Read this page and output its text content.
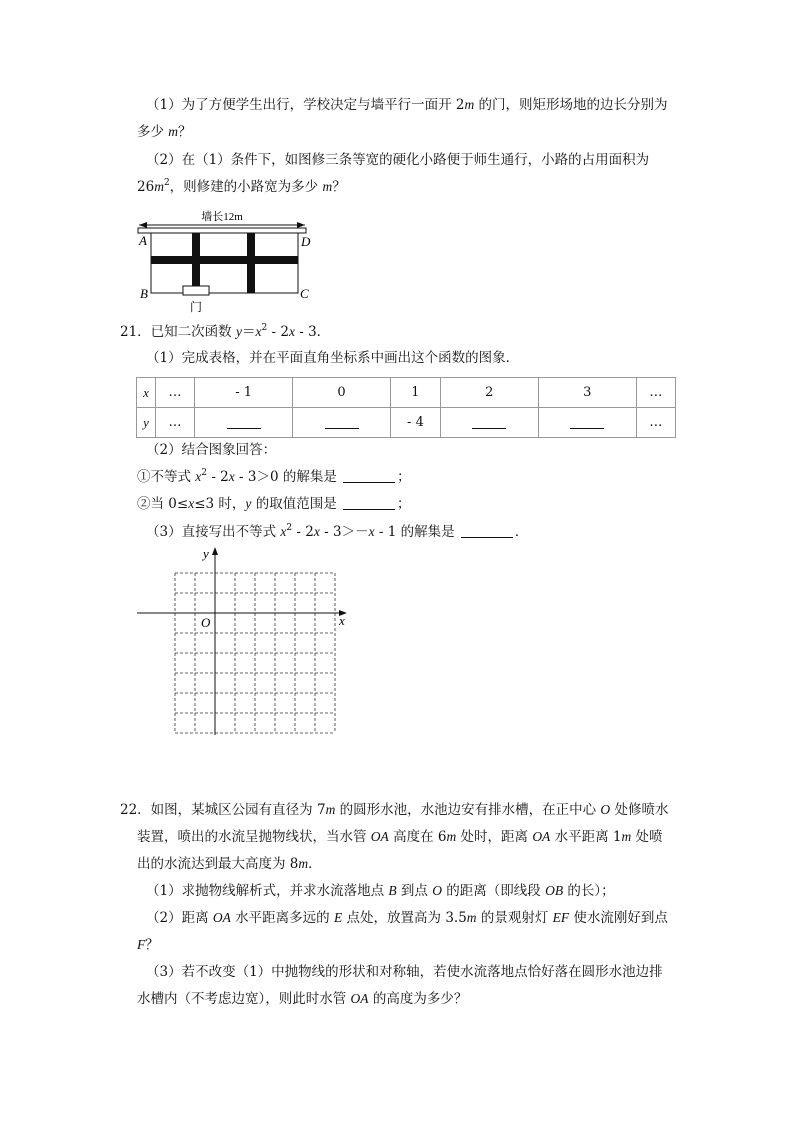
（1）为了方便学生出行，学校决定与墙平行一面开 2m 的门，则矩形场地的边长分别为
多少 m？
（2）在（1）条件下，如图修三条等宽的硬化小路便于师生通行，小路的占用面积为
$26m^2$，则修建的小路宽为多少 m？
墙长12m
A	D
B	C
门
21．已知二次函数 $y=x^2 - 2x - 3$．
（1）完成表格，并在平面直角坐标系中画出这个函数的图象．
x	…	- 1	0	1	2	3	…
y	…			- 4			…
（2）结合图象回答：
①不等式 $x^2 - 2x - 3>0$ 的解集是	；
②当 0≤x≤3 时，y 的取值范围是	；
（3）直接写出不等式 $x^2 - 2x - 3>-x - 1$ 的解集是	．
y
x
O
22．如图，某城区公园有直径为 7m 的圆形水池，水池边安有排水槽，在正中心 O 处修喷水
装置，喷出的水流呈抛物线状，当水管 OA 高度在 6m 处时，距离 OA 水平距离 1m 处喷
出的水流达到最大高度为 8m．
（1）求抛物线解析式，并求水流落地点 B 到点 O 的距离（即线段 OB 的长）；
（2）距离 OA 水平距离多远的 E 点处，放置高为 3.5m 的景观射灯 EF 使水流刚好到点
F？
（3）若不改变（1）中抛物线的形状和对称轴，若使水流落地点恰好落在圆形水池边排
水槽内（不考虑边宽），则此时水管 OA 的高度为多少？
